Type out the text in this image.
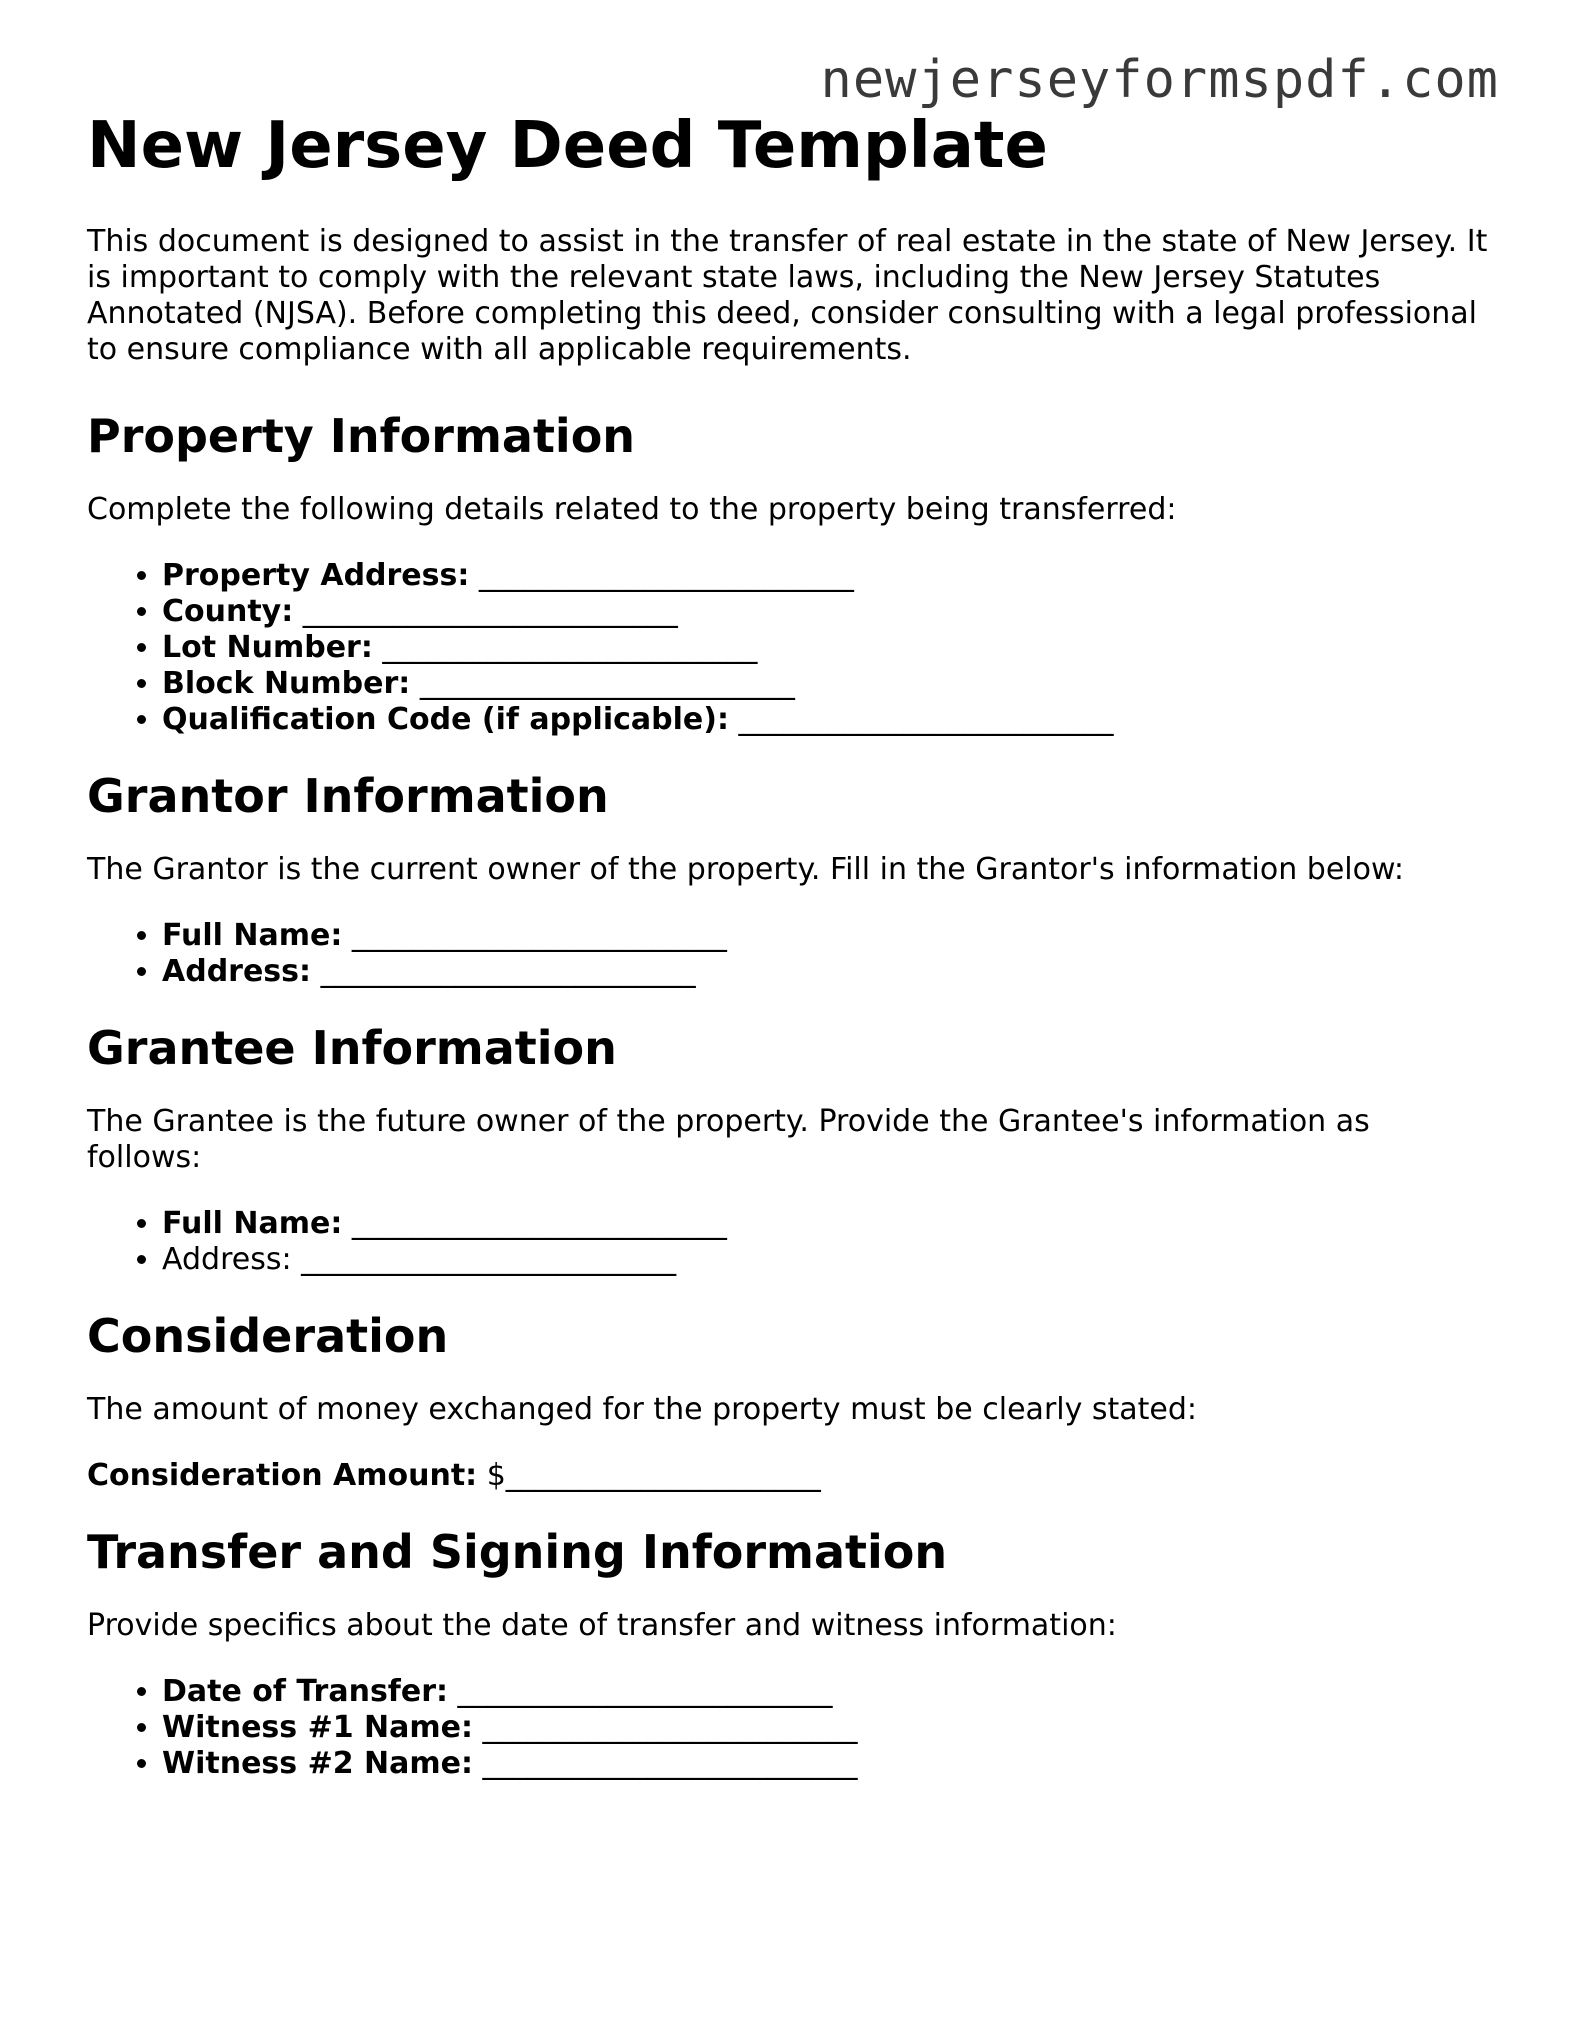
newjerseyformspdf.com
New Jersey Deed Template

This document is designed to assist in the transfer of real estate in the state of New Jersey. It is important to comply with the relevant state laws, including the New Jersey Statutes Annotated (NJSA). Before completing this deed, consider consulting with a legal professional to ensure compliance with all applicable requirements.

Property Information

Complete the following details related to the property being transferred:

• Property Address: _________________________
• County: _________________________
• Lot Number: _________________________
• Block Number: _________________________
• Qualification Code (if applicable): _________________________
Grantor Information

The Grantor is the current owner of the property. Fill in the Grantor's information below:

• Full Name: _________________________
• Address: _________________________
Grantee Information

The Grantee is the future owner of the property. Provide the Grantee's information as follows:

• Full Name: _________________________
• Address: _________________________
Consideration

The amount of money exchanged for the property must be clearly stated:

Consideration Amount: $_____________________

Transfer and Signing Information

Provide specifics about the date of transfer and witness information:

• Date of Transfer: _________________________
• Witness #1 Name: _________________________
• Witness #2 Name: _________________________
